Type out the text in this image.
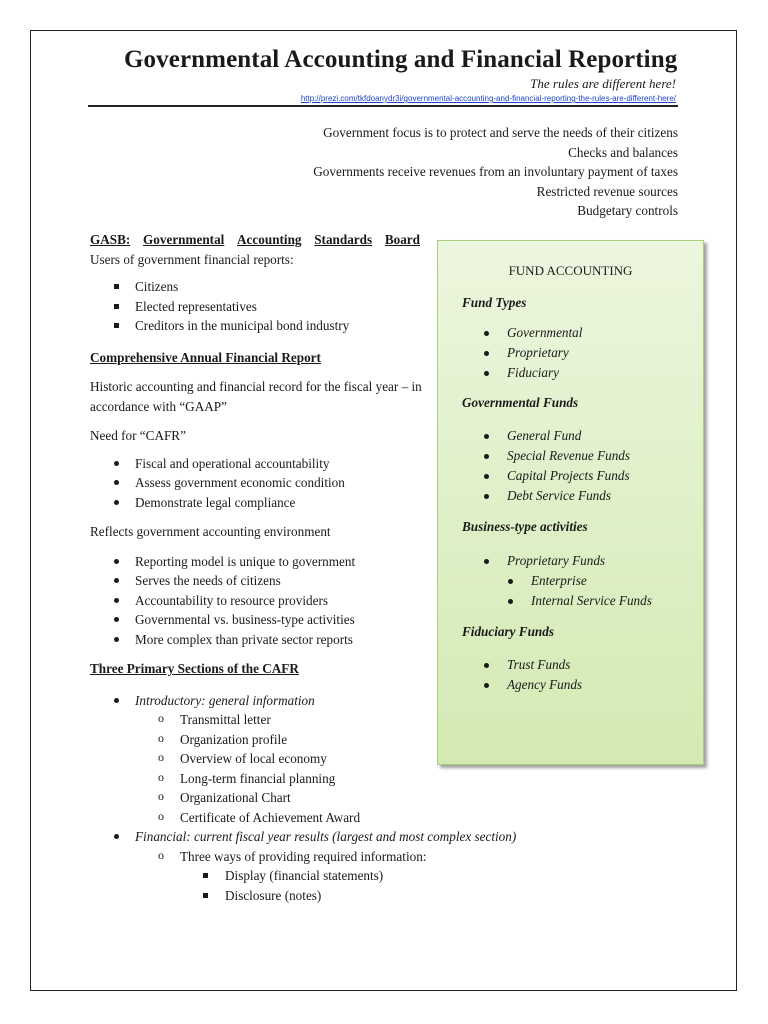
Governmental Accounting and Financial Reporting
The rules are different here!
http://prezi.com/tkfdoanydr3i/governmental-accounting-and-financial-reporting-the-rules-are-different-here/
Government focus is to protect and serve the needs of their citizens
Checks and balances
Governments receive revenues from an involuntary payment of taxes
Restricted revenue sources
Budgetary controls
GASB: Governmental Accounting Standards Board

Users of government financial reports:

Citizens
Elected representatives
Creditors in the municipal bond industry
Comprehensive Annual Financial Report

Historic accounting and financial record for the fiscal year – in accordance with “GAAP”

Need for “CAFR”

Fiscal and operational accountability
Assess government economic condition
Demonstrate legal compliance

Reflects government accounting environment

Reporting model is unique to government
Serves the needs of citizens
Accountability to resource providers
Governmental vs. business-type activities
More complex than private sector reports
Three Primary Sections of the CAFR
Introductory: general information
o Transmittal letter
o Organization profile
o Overview of local economy
o Long-term financial planning
o Organizational Chart
o Certificate of Achievement Award
Financial: current fiscal year results (largest and most complex section)
o Three ways of providing required information:
Display (financial statements)
Disclosure (notes)
FUND ACCOUNTING
Fund Types
Governmental
Proprietary
Fiduciary
Governmental Funds
General Fund
Special Revenue Funds
Capital Projects Funds
Debt Service Funds
Business-type activities
Proprietary Funds
Enterprise
Internal Service Funds
Fiduciary Funds
Trust Funds
Agency Funds
